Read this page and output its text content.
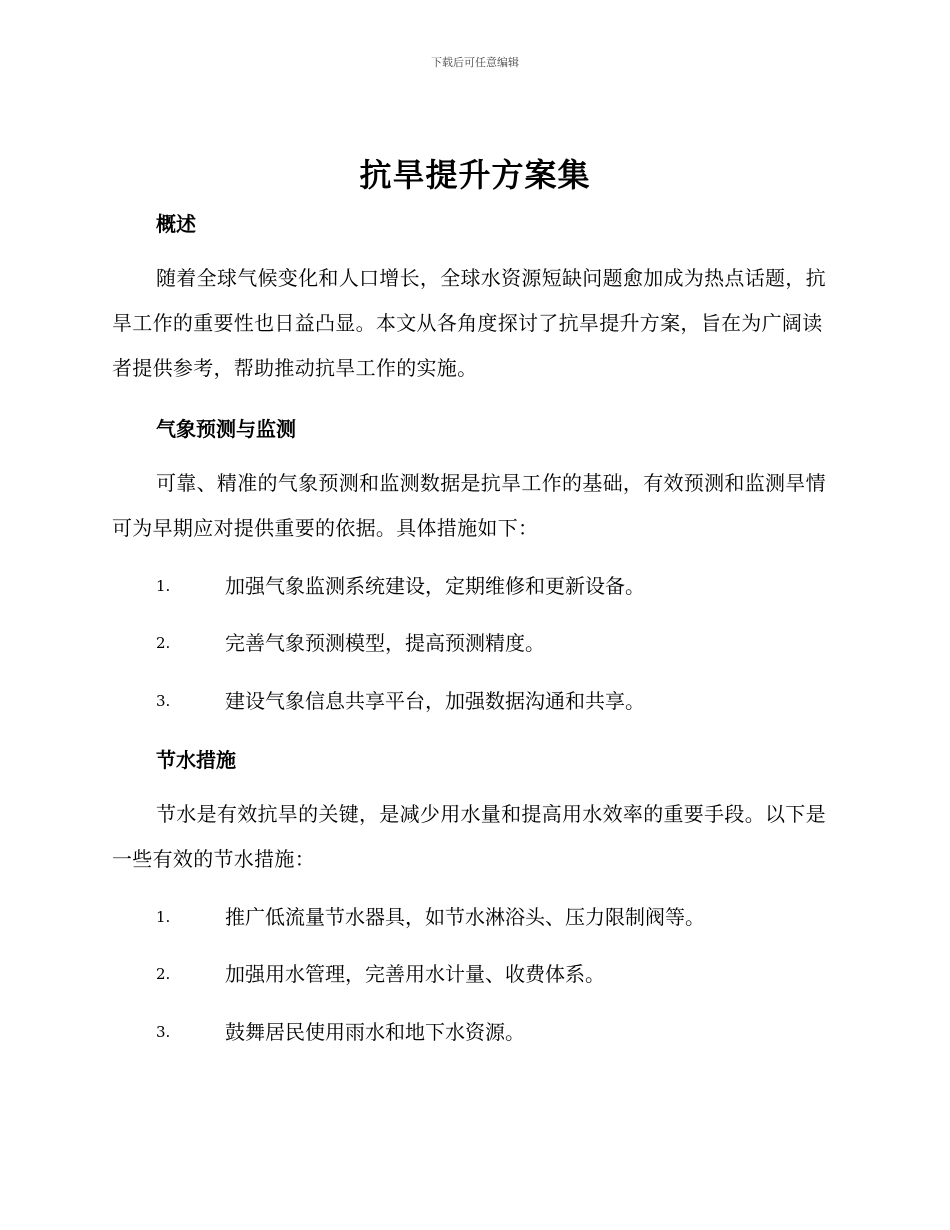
下载后可任意编辑
抗旱提升方案集
概述
随着全球气候变化和人口增长，全球水资源短缺问题愈加成为热点话题，抗旱工作的重要性也日益凸显。本文从各角度探讨了抗旱提升方案，旨在为广阔读者提供参考，帮助推动抗旱工作的实施。
气象预测与监测
可靠、精准的气象预测和监测数据是抗旱工作的基础，有效预测和监测旱情可为早期应对提供重要的依据。具体措施如下：
1.	加强气象监测系统建设，定期维修和更新设备。
2.	完善气象预测模型，提高预测精度。
3.	建设气象信息共享平台，加强数据沟通和共享。
节水措施
节水是有效抗旱的关键，是减少用水量和提高用水效率的重要手段。以下是一些有效的节水措施：
1.	推广低流量节水器具，如节水淋浴头、压力限制阀等。
2.	加强用水管理，完善用水计量、收费体系。
3.	鼓舞居民使用雨水和地下水资源。
